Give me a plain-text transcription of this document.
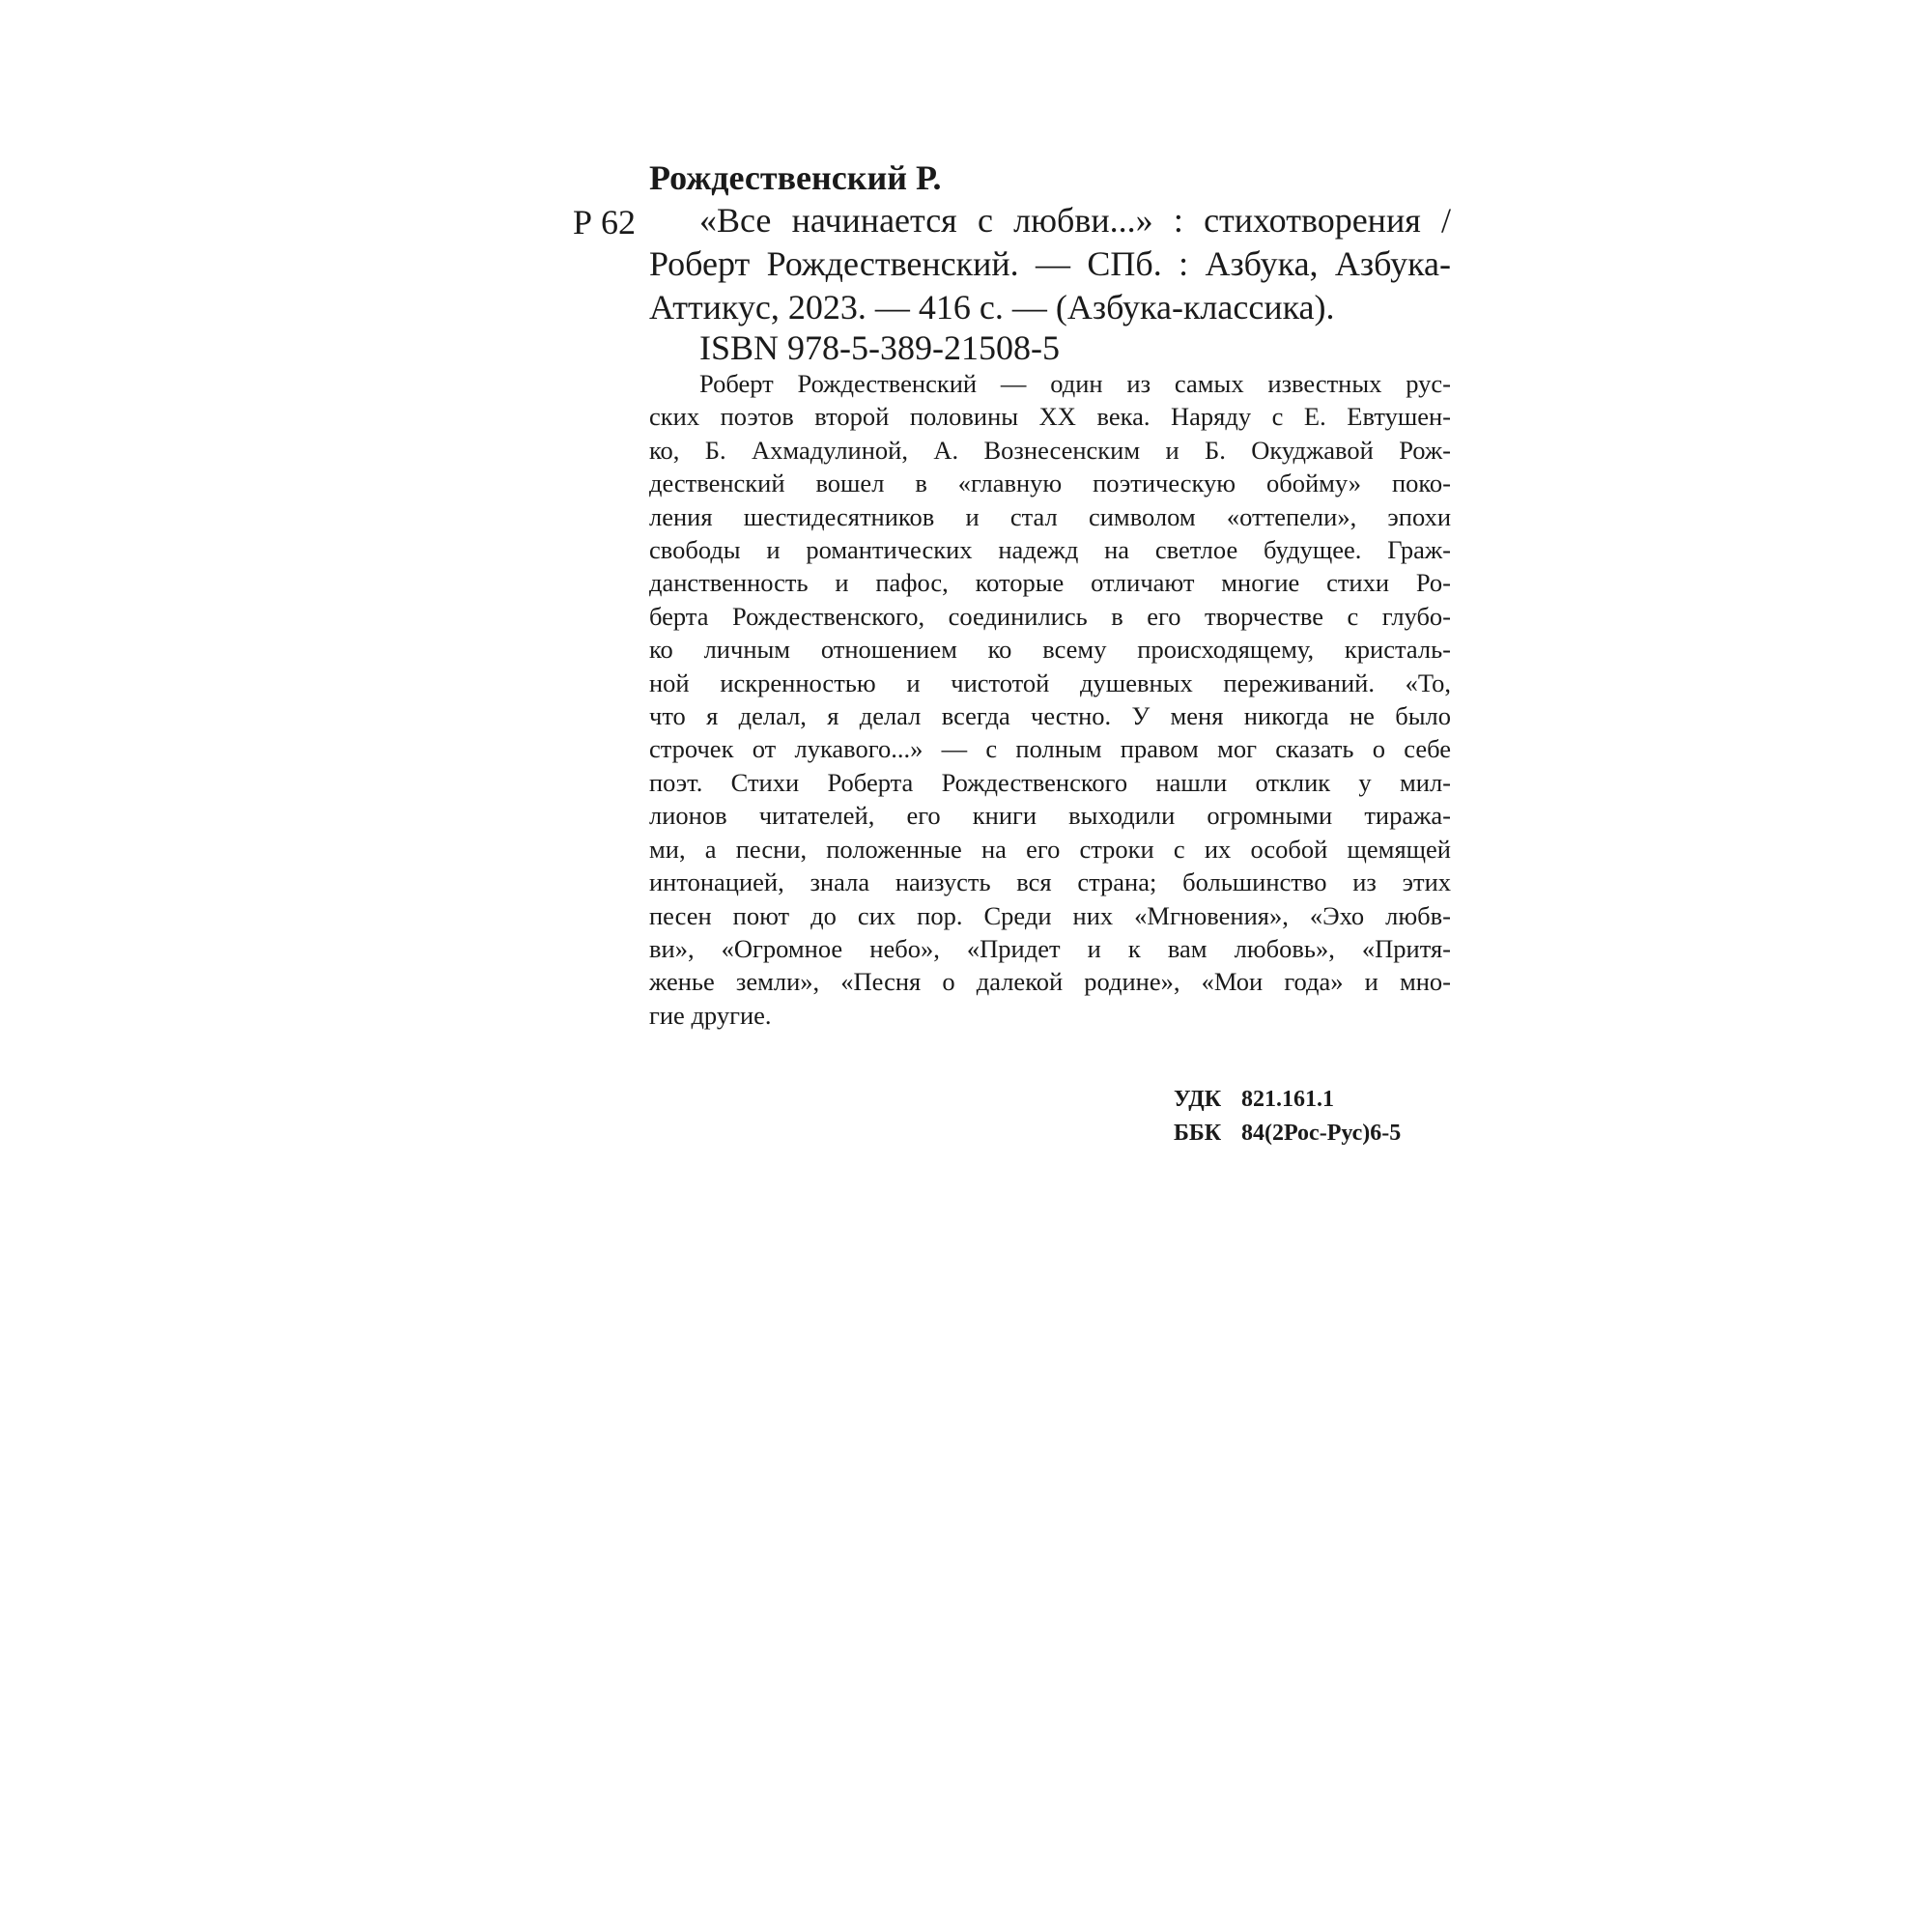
Рождественский Р.
Р 62	«Все начинается с любви...» : стихотворения /
Роберт Рождественский. — СПб. : Азбука, Азбука-
Аттикус, 2023. — 416 с. — (Азбука-классика).
ISBN 978-5-389-21508-5
Роберт Рождественский — один из самых известных рус-
ских поэтов второй половины XX века. Наряду с Е. Евтушен-
ко, Б. Ахмадулиной, А. Вознесенским и Б. Окуджавой Рож-
дественский вошел в «главную поэтическую обойму» поко-
ления шестидесятников и стал символом «оттепели», эпохи
свободы и романтических надежд на светлое будущее. Граж-
данственность и пафос, которые отличают многие стихи Ро-
берта Рождественского, соединились в его творчестве с глубо-
ко личным отношением ко всему происходящему, кристаль-
ной искренностью и чистотой душевных переживаний. «То,
что я делал, я делал всегда честно. У меня никогда не было
строчек от лукавого...» — с полным правом мог сказать о себе
поэт. Стихи Роберта Рождественского нашли отклик у мил-
лионов читателей, его книги выходили огромными тиража-
ми, а песни, положенные на его строки с их особой щемящей
интонацией, знала наизусть вся страна; большинство из этих
песен поют до сих пор. Среди них «Мгновения», «Эхо любв-
ви», «Огромное небо», «Придет и к вам любовь», «Притя-
женье земли», «Песня о далекой родине», «Мои года» и мно-
гие другие.
УДК 821.161.1
ББК 84(2Рос-Рус)6-5
